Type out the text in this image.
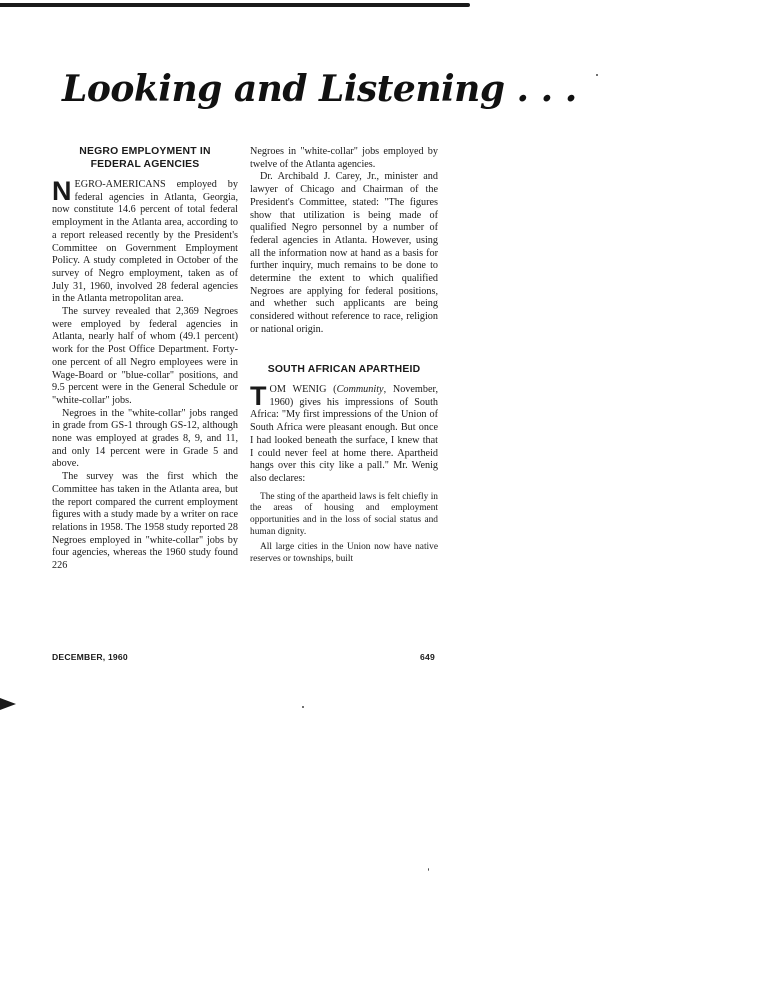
Looking and Listening . . .
NEGRO EMPLOYMENT IN FEDERAL AGENCIES

NEGRO-AMERICANS employed by federal agencies in Atlanta, Georgia, now constitute 14.6 percent of total federal employment in the Atlanta area, according to a report released recently by the President's Committee on Government Employment Policy. A study completed in October of the survey of Negro employment, taken as of July 31, 1960, involved 28 federal agencies in the Atlanta metropolitan area.

The survey revealed that 2,369 Negroes were employed by federal agencies in Atlanta, nearly half of whom (49.1 percent) work for the Post Office Department. Forty-one percent of all Negro employees were in Wage-Board or "blue-collar" positions, and 9.5 percent were in the General Schedule or "white-collar" jobs.

Negroes in the "white-collar" jobs ranged in grade from GS-1 through GS-12, although none was employed at grades 8, 9, and 11, and only 14 percent were in Grade 5 and above.

The survey was the first which the Committee has taken in the Atlanta area, but the report compared the current employment figures with a study made by a writer on race relations in 1958. The 1958 study reported 28 Negroes employed in "white-collar" jobs by four agencies, whereas the 1960 study found 226

Negroes in "white-collar" jobs employed by twelve of the Atlanta agencies.

Dr. Archibald J. Carey, Jr., minister and lawyer of Chicago and Chairman of the President's Committee, stated: "The figures show that utilization is being made of qualified Negro personnel by a number of federal agencies in Atlanta. However, using all the information now at hand as a basis for further inquiry, much remains to be done to determine the extent to which qualified Negroes are applying for federal positions, and whether such applicants are being considered without reference to race, religion or national origin.

SOUTH AFRICAN APARTHEID

TOM WENIG (Community, November, 1960) gives his impressions of South Africa: "My first impressions of the Union of South Africa were pleasant enough. But once I had looked beneath the surface, I knew that I could never feel at home there. Apartheid hangs over this city like a pall." Mr. Wenig also declares:

The sting of the apartheid laws is felt chiefly in the areas of housing and employment opportunities and in the loss of social status and human dignity.

All large cities in the Union now have native reserves or townships, built

DECEMBER, 1960	649
